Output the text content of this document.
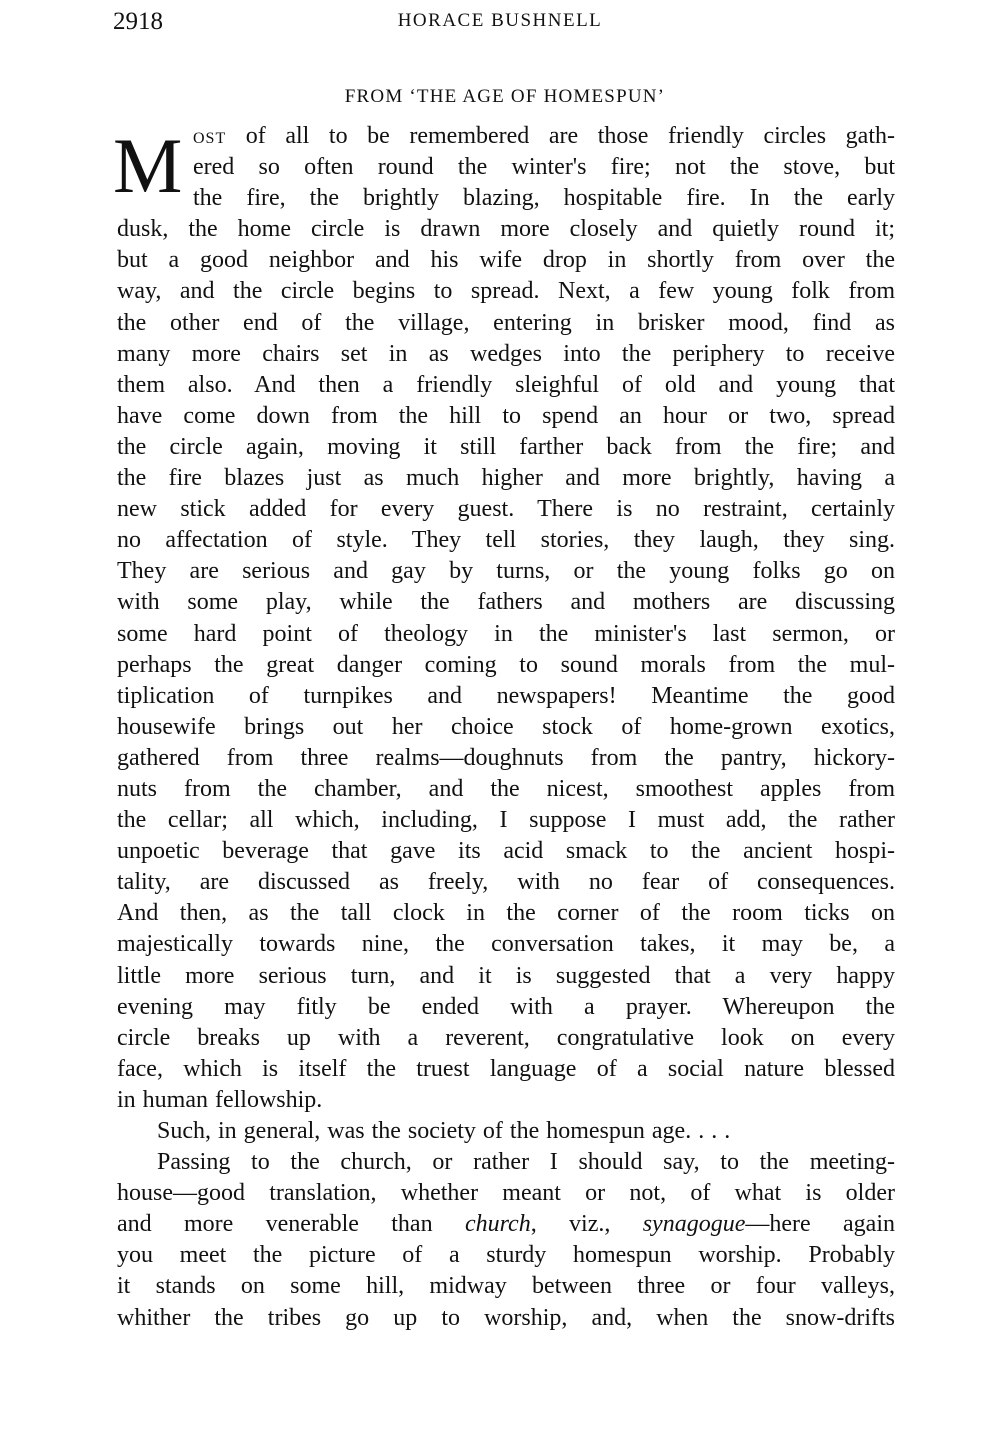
2918	HORACE BUSHNELL
FROM ‘THE AGE OF HOMESPUN’
M OST of all to be remembered are those friendly circles gath-
ered so often round the winter's fire; not the stove, but
the fire, the brightly blazing, hospitable fire. In the early
dusk, the home circle is drawn more closely and quietly round it;
but a good neighbor and his wife drop in shortly from over the
way, and the circle begins to spread. Next, a few young folk from
the other end of the village, entering in brisker mood, find as
many more chairs set in as wedges into the periphery to receive
them also. And then a friendly sleighful of old and young that
have come down from the hill to spend an hour or two, spread
the circle again, moving it still farther back from the fire; and
the fire blazes just as much higher and more brightly, having a
new stick added for every guest. There is no restraint, certainly
no affectation of style. They tell stories, they laugh, they sing.
They are serious and gay by turns, or the young folks go on
with some play, while the fathers and mothers are discussing
some hard point of theology in the minister's last sermon, or
perhaps the great danger coming to sound morals from the mul-
tiplication of turnpikes and newspapers! Meantime the good
housewife brings out her choice stock of home-grown exotics,
gathered from three realms—doughnuts from the pantry, hickory-
nuts from the chamber, and the nicest, smoothest apples from
the cellar; all which, including, I suppose I must add, the rather
unpoetic beverage that gave its acid smack to the ancient hospi-
tality, are discussed as freely, with no fear of consequences.
And then, as the tall clock in the corner of the room ticks on
majestically towards nine, the conversation takes, it may be, a
little more serious turn, and it is suggested that a very happy
evening may fitly be ended with a prayer. Whereupon the
circle breaks up with a reverent, congratulative look on every
face, which is itself the truest language of a social nature blessed
in human fellowship.
Such, in general, was the society of the homespun age. . . .
Passing to the church, or rather I should say, to the meeting-
house—good translation, whether meant or not, of what is older
and more venerable than church, viz., synagogue—here again
you meet the picture of a sturdy homespun worship. Probably
it stands on some hill, midway between three or four valleys,
whither the tribes go up to worship, and, when the snow-drifts
